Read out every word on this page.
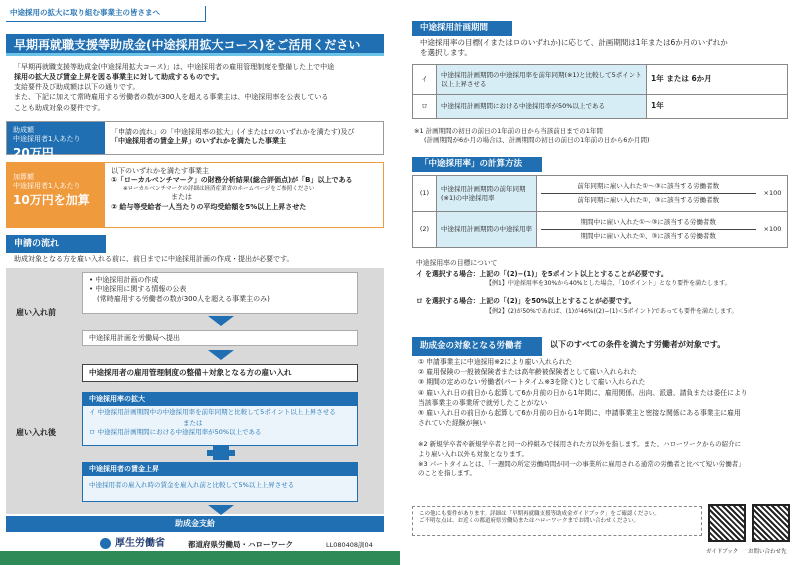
中途採用の拡大に取り組む事業主の皆さまへ
早期再就職支援等助成金(中途採用拡大コース)をご活用ください
「早期再就職支援等助成金(中途採用拡大コース)」は、中途採用者の雇用管理制度を整備した上で中途
採用の拡大及び賃金上昇を図る事業主に対して助成するものです。
支給要件及び助成額は以下の通りです。
また、下記に加えて常時雇用する労働者の数が300人を超える事業主は、中途採用率を公表している
ことも助成対象の要件です。
助成額
中途採用者1人あたり
20万円
「申請の流れ」の「中途採用率の拡大」(イまたはロのいずれかを満たす)及び
「中途採用者の賃金上昇」のいずれかを満たした事業主
加算額
中途採用者1人あたり
10万円を加算
以下のいずれかを満たす事業主
①「ローカルベンチマーク」の財務分析結果(総合評価点)が「B」以上である
※ローカルベンチマークの詳細は経済産業省のホームページをご参照ください
または
② 給与等受給者一人当たりの平均受給額を5%以上上昇させた
申請の流れ
助成対象となる方を雇い入れる前に、前日までに中途採用計画の作成・提出が必要です。
雇い入れ前
• 中途採用計画の作成
• 中途採用に関する情報の公表
(常時雇用する労働者の数が300人を超える事業主のみ)
中途採用計画を労働局へ提出
中途採用者の雇用管理制度の整備＋対象となる方の雇い入れ
雇い入れ後
中途採用率の拡大
イ 中途採用計画期間中の中途採用率を前年同期と比較して5ポイント以上上昇させる
または
ロ 中途採用計画期間における中途採用率が50%以上である
中途採用者の賃金上昇
中途採用者の雇入れ時の賃金を雇入れ前と比較して5%以上上昇させる
助成金支給
厚生労働省	都道府県労働局・ハローワーク	LL080408訓04
中途採用計画期間
中途採用率の目標(イまたはロのいずれか)に応じて、計画期間は1年または6か月のいずれか
を選択します。
イ	中途採用計画期間の中途採用率を前年同期(※1)と比較して5ポイント以上上昇させる	1年 または 6か月
ロ	中途採用計画期間における中途採用率が50%以上である	1年
※1 計画期間の初日の前日の1年前の日から当該前日までの1年間
(計画期間が6か月の場合は、計画期間の初日の前日の1年前の日から6か月間)
「中途採用率」の計算方法
(1)	中途採用計画期間の前年同期(※1)の中途採用率	前年同期に雇い入れた①〜③に該当する労働者数
前年同期に雇い入れた①、③に該当する労働者数	×100
(2)	中途採用計画期間の中途採用率	期間中に雇い入れた①〜③に該当する労働者数
期間中に雇い入れた①、③に該当する労働者数	×100
中途採用率の目標について
イ を選択する場合：上記の「(2)−(1)」を5ポイント以上とすることが必要です。
【例1】中途採用率を30%から40%とした場合、「10ポイント」となり要件を満たします。
ロ を選択する場合：上記の「(2)」を50%以上とすることが必要です。
【例2】(2)が50%であれば、(1)が46%((2)−(1)＜5ポイント)であっても要件を満たします。
助成金の対象となる労働者	以下のすべての条件を満たす労働者が対象です。
① 申請事業主に中途採用※2により雇い入れられた
② 雇用保険の一般被保険者または高年齢被保険者として雇い入れられた
③ 期間の定めのない労働者(パートタイム※3を除く)として雇い入れられた
④ 雇い入れ日の前日から起算して6か月前の日から1年間に、雇用関係、出向、派遣、請負または委任により
当該事業主の事業所で就労したことがない
⑤ 雇い入れ日の前日から起算して6か月前の日から1年間に、申請事業主と密接な関係にある事業主に雇用
されていた経験が無い
※2 新規学卒者や新規学卒者と同一の枠組みで採用された方以外を指します。また、ハローワークからの紹介に
より雇い入れ以外も対象となります。
※3 パートタイムとは、「一週間の所定労働時間が同一の事業所に雇用される通常の労働者と比べて短い労働者」
のことを指します。
この他にも要件があります。詳細は「早期再就職支援等助成金ガイドブック」をご確認ください。
ご不明な点は、お近くの都道府県労働局またはハローワークまでお問い合わせください。
ガイドブック お問い合わせ先
